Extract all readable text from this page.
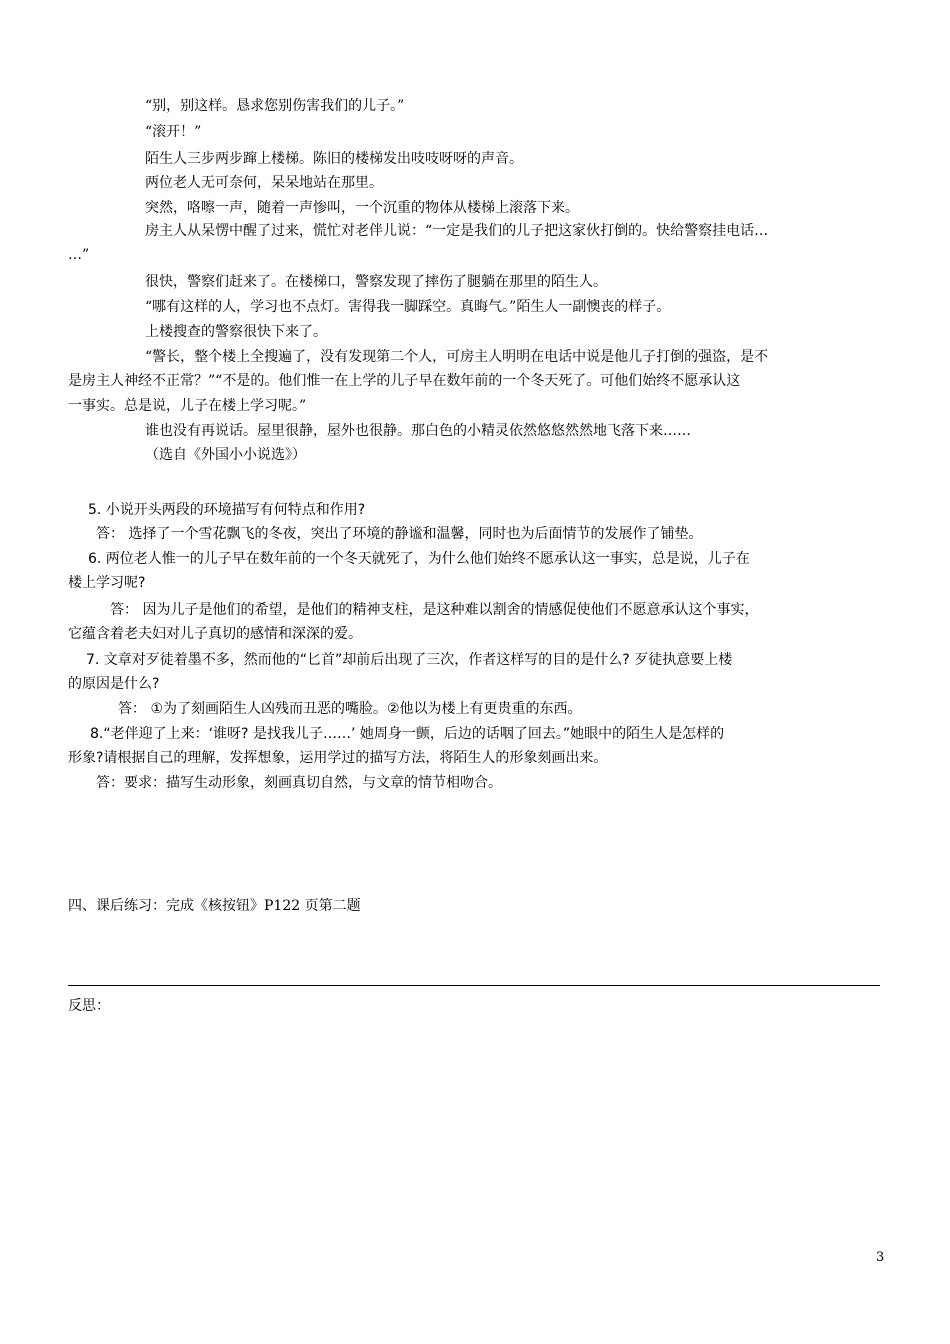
“别，别这样。恳求您别伤害我们的儿子。”
“滚开！”
陌生人三步两步蹿上楼梯。陈旧的楼梯发出吱吱呀呀的声音。
两位老人无可奈何，呆呆地站在那里。
突然，咯嚓一声，随着一声惨叫，一个沉重的物体从楼梯上滚落下来。
房主人从呆愣中醒了过来，慌忙对老伴儿说：“一定是我们的儿子把这家伙打倒的。快给警察挂电话…
…”
很快，警察们赶来了。在楼梯口，警察发现了摔伤了腿躺在那里的陌生人。
“哪有这样的人，学习也不点灯。害得我一脚踩空。真晦气。”陌生人一副懊丧的样子。
上楼搜查的警察很快下来了。
“警长，整个楼上全搜遍了，没有发现第二个人，可房主人明明在电话中说是他儿子打倒的强盗，是不
是房主人神经不正常？”“不是的。他们惟一在上学的儿子早在数年前的一个冬天死了。可他们始终不愿承认这
一事实。总是说，儿子在楼上学习呢。”
谁也没有再说话。屋里很静，屋外也很静。那白色的小精灵依然悠悠然然地飞落下来……
（选自《外国小小说选》）
5. 小说开头两段的环境描写有何特点和作用?
答： 选择了一个雪花飘飞的冬夜，突出了环境的静谧和温馨，同时也为后面情节的发展作了铺垫。
6. 两位老人惟一的儿子早在数年前的一个冬天就死了，为什么他们始终不愿承认这一事实，总是说，儿子在
楼上学习呢?
答： 因为儿子是他们的希望，是他们的精神支柱，是这种难以割舍的情感促使他们不愿意承认这个事实，
它蕴含着老夫妇对儿子真切的感情和深深的爱。
7. 文章对歹徒着墨不多，然而他的“匕首”却前后出现了三次，作者这样写的目的是什么? 歹徒执意要上楼
的原因是什么?
答： ①为了刻画陌生人凶残而丑恶的嘴脸。②他以为楼上有更贵重的东西。
8.“老伴迎了上来：‘谁呀? 是找我儿子……’ 她周身一颤，后边的话咽了回去。”她眼中的陌生人是怎样的
形象?请根据自己的理解，发挥想象，运用学过的描写方法，将陌生人的形象刻画出来。
答：要求：描写生动形象，刻画真切自然，与文章的情节相吻合。
四、课后练习：完成《核按钮》P122 页第二题
反思：
3
